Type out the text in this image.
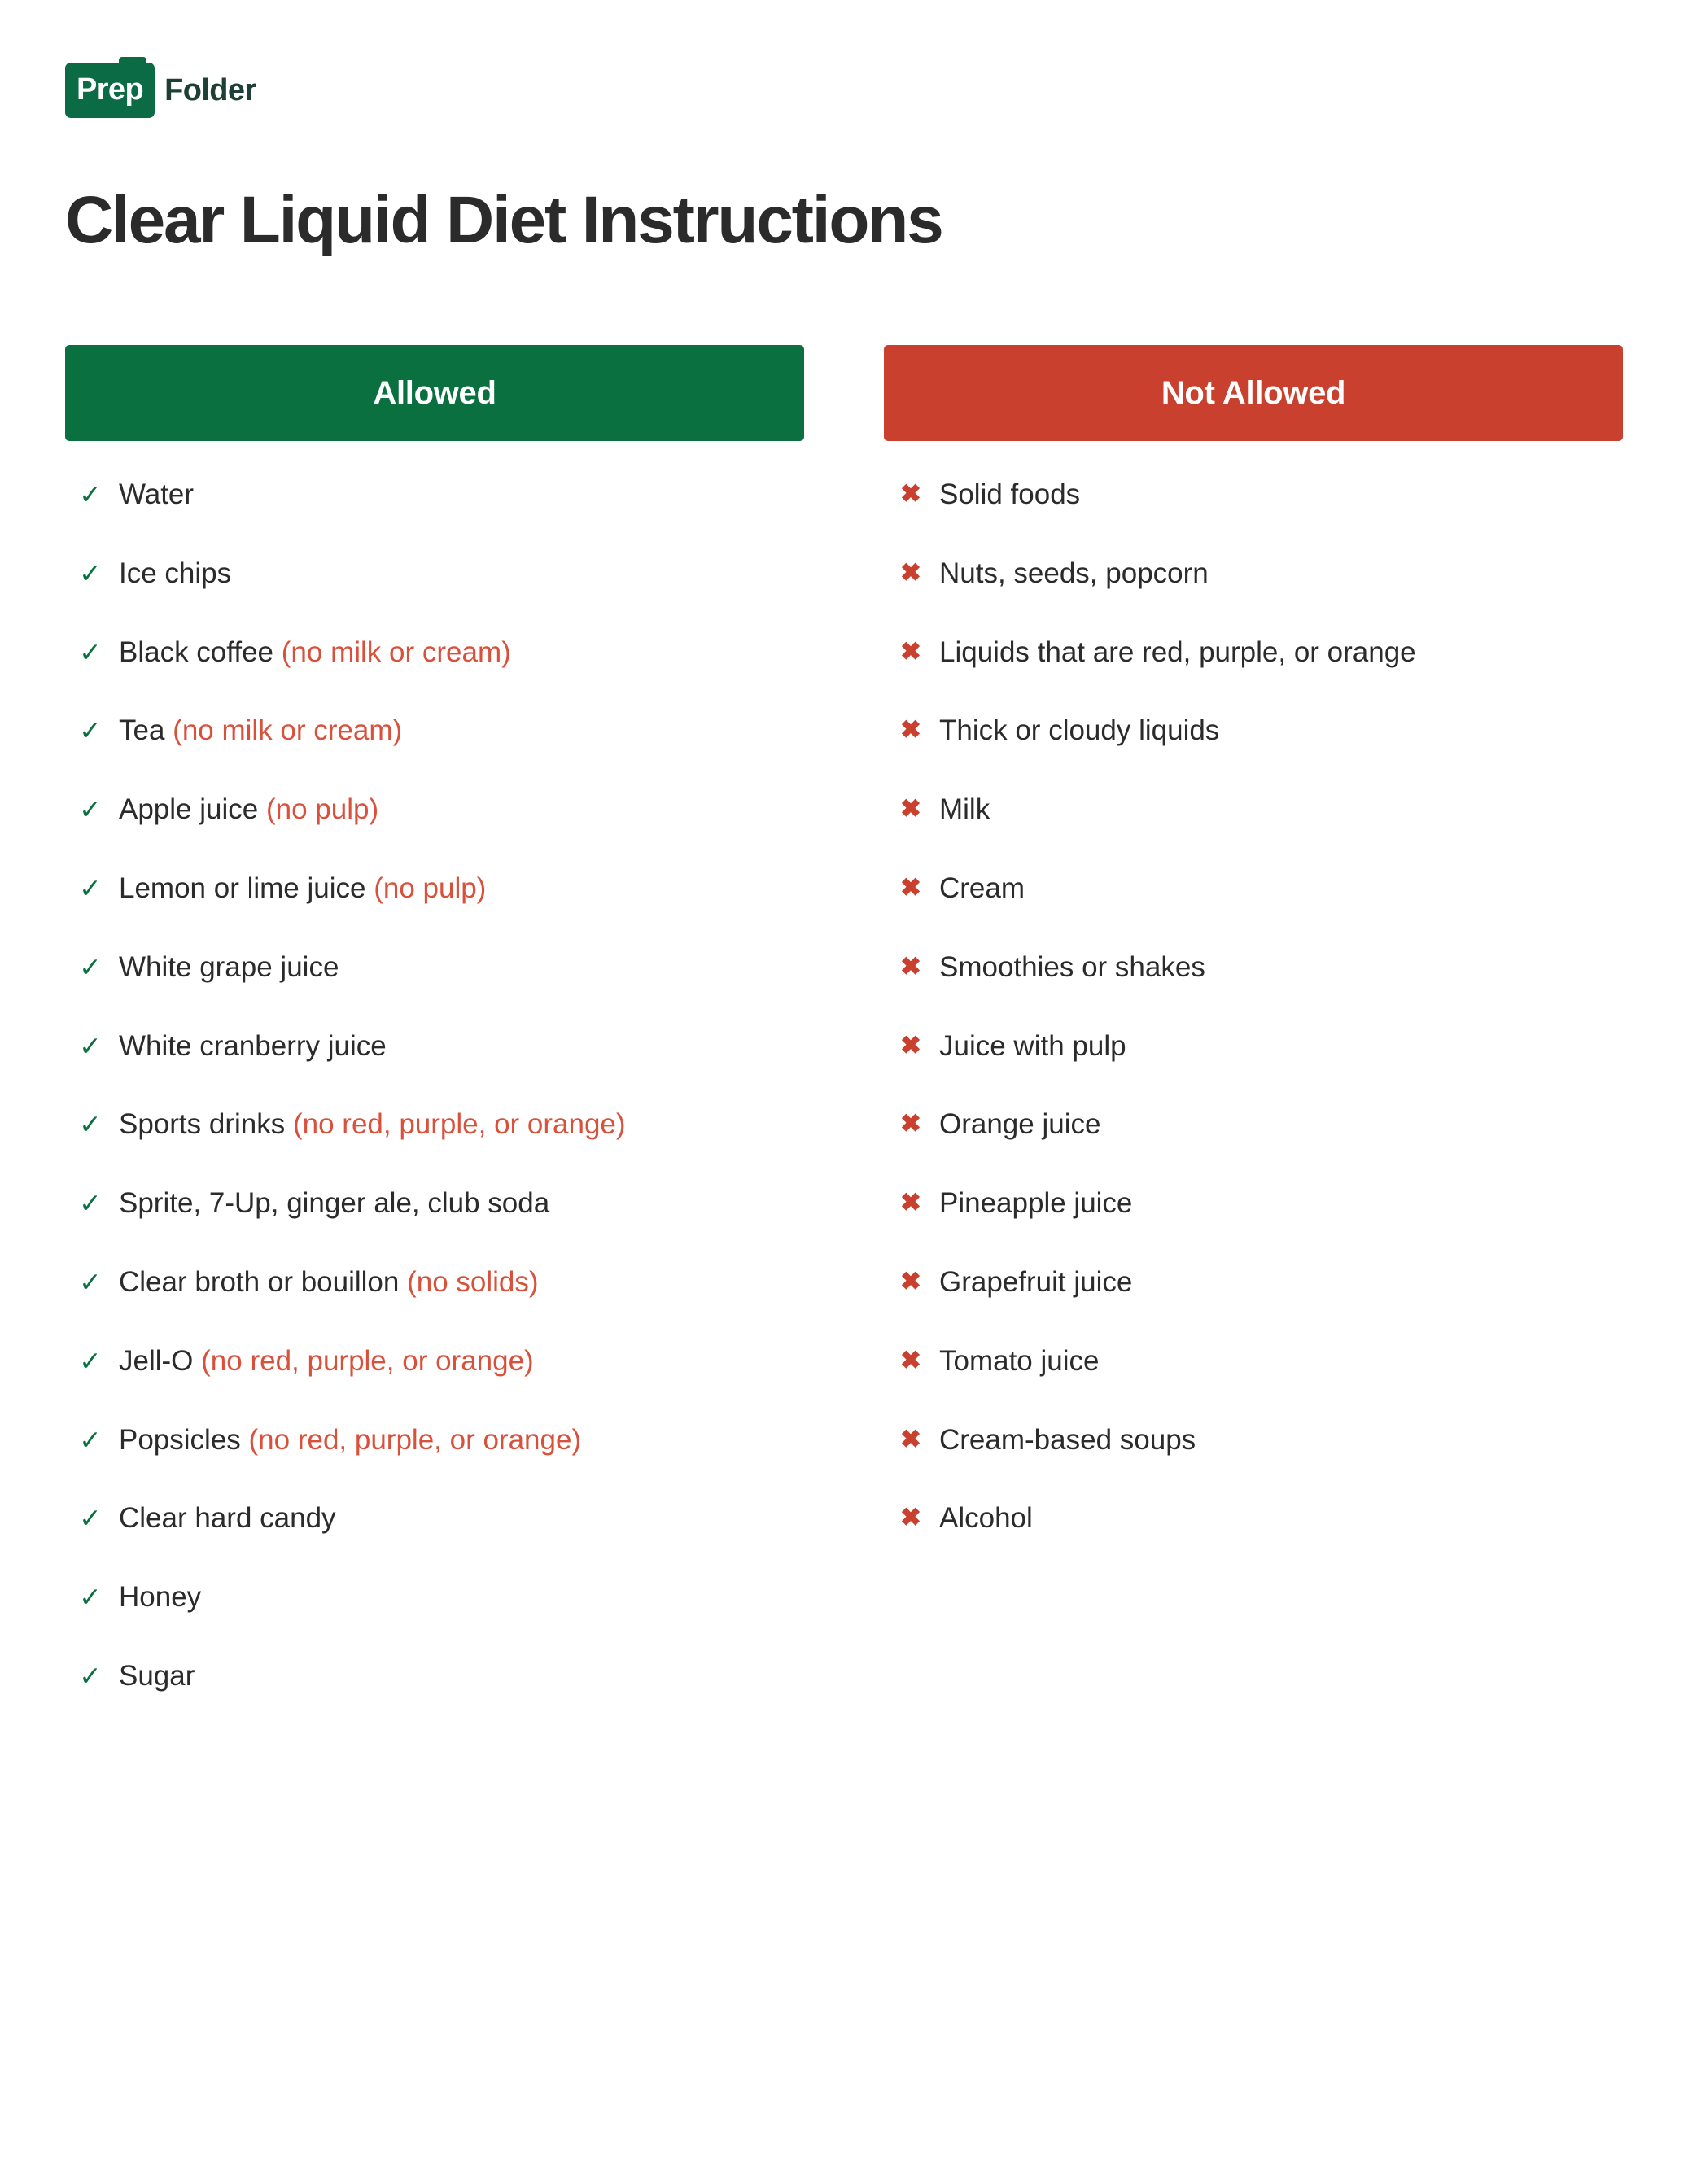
Prep Folder
Clear Liquid Diet Instructions
Allowed
✓ Water
✓ Ice chips
✓ Black coffee (no milk or cream)
✓ Tea (no milk or cream)
✓ Apple juice (no pulp)
✓ Lemon or lime juice (no pulp)
✓ White grape juice
✓ White cranberry juice
✓ Sports drinks (no red, purple, or orange)
✓ Sprite, 7-Up, ginger ale, club soda
✓ Clear broth or bouillon (no solids)
✓ Jell-O (no red, purple, or orange)
✓ Popsicles (no red, purple, or orange)
✓ Clear hard candy
✓ Honey
✓ Sugar
Not Allowed
✖ Solid foods
✖ Nuts, seeds, popcorn
✖ Liquids that are red, purple, or orange
✖ Thick or cloudy liquids
✖ Milk
✖ Cream
✖ Smoothies or shakes
✖ Juice with pulp
✖ Orange juice
✖ Pineapple juice
✖ Grapefruit juice
✖ Tomato juice
✖ Cream-based soups
✖ Alcohol
